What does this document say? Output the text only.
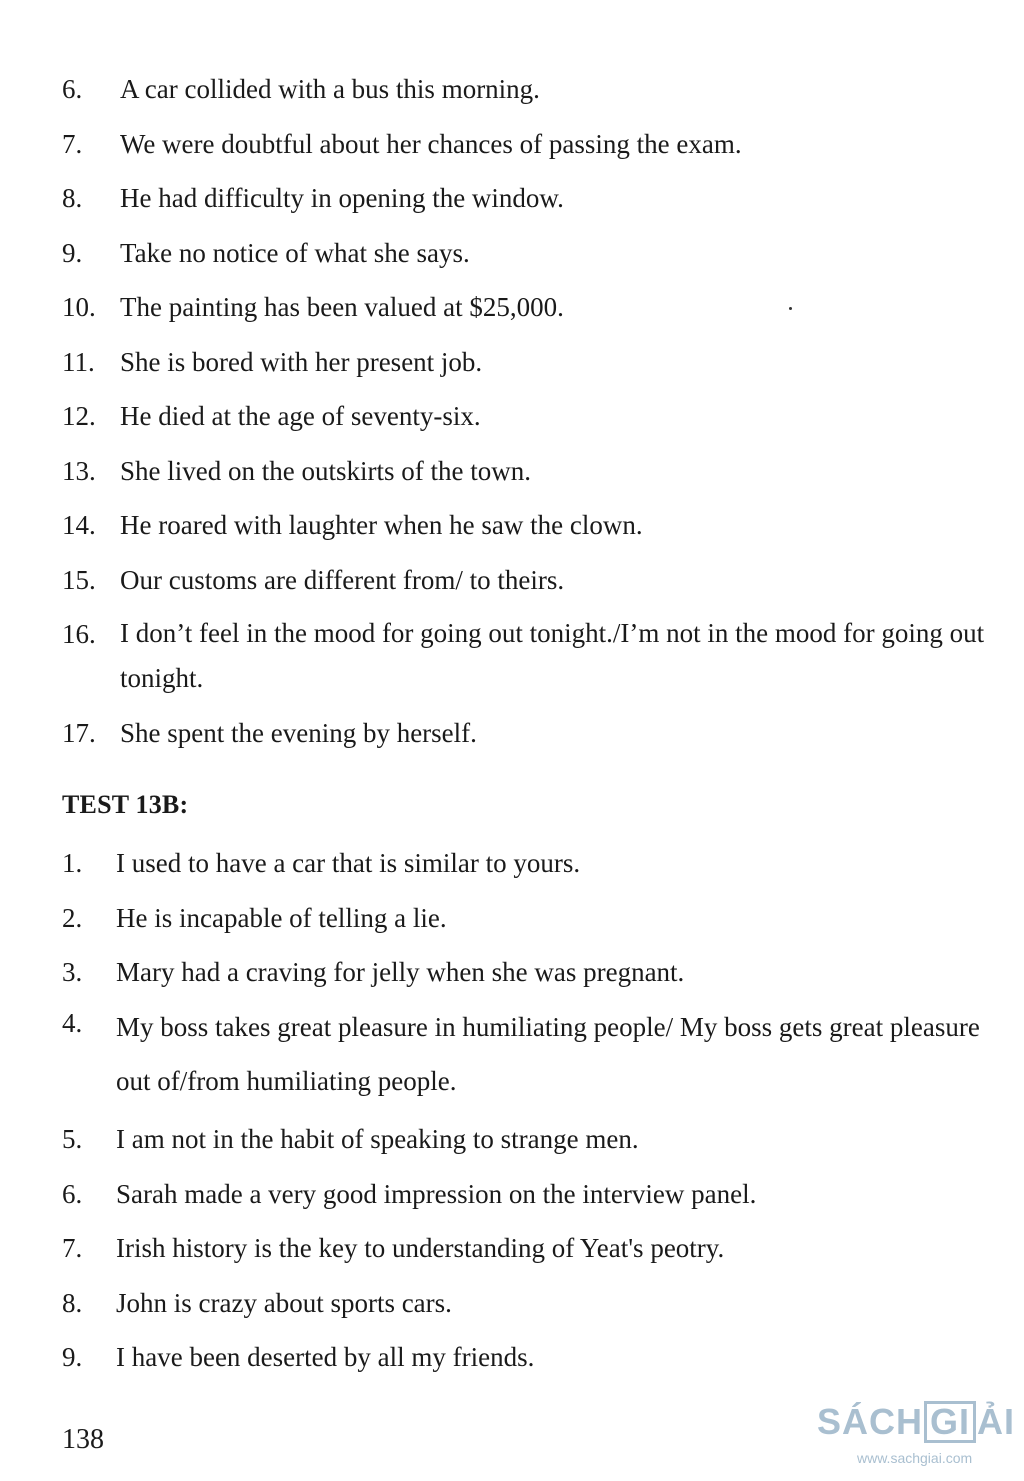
6.	A car collided with a bus this morning.
7.	We were doubtful about her chances of passing the exam.
8.	He had difficulty in opening the window.
9.	Take no notice of what she says.
10. The painting has been valued at $25,000.
11. She is bored with her present job.
12. He died at the age of seventy-six.
13. She lived on the outskirts of the town.
14. He roared with laughter when he saw the clown.
15. Our customs are different from/ to theirs.
16. I don’t feel in the mood for going out tonight./I’m not in the mood for going out tonight.
17. She spent the evening by herself.
TEST 13B:
1.	I used to have a car that is similar to yours.
2.	He is incapable of telling a lie.
3.	Mary had a craving for jelly when she was pregnant.
4.	My boss takes great pleasure in humiliating people/ My boss gets great pleasure out of/from humiliating people.
5.	I am not in the habit of speaking to strange men.
6.	Sarah made a very good impression on the interview panel.
7.	Irish history is the key to understanding of Yeat's peotry.
8.	John is crazy about sports cars.
9.	I have been deserted by all my friends.
138	SÁCH GI ẢI
www.sachgiai.com
